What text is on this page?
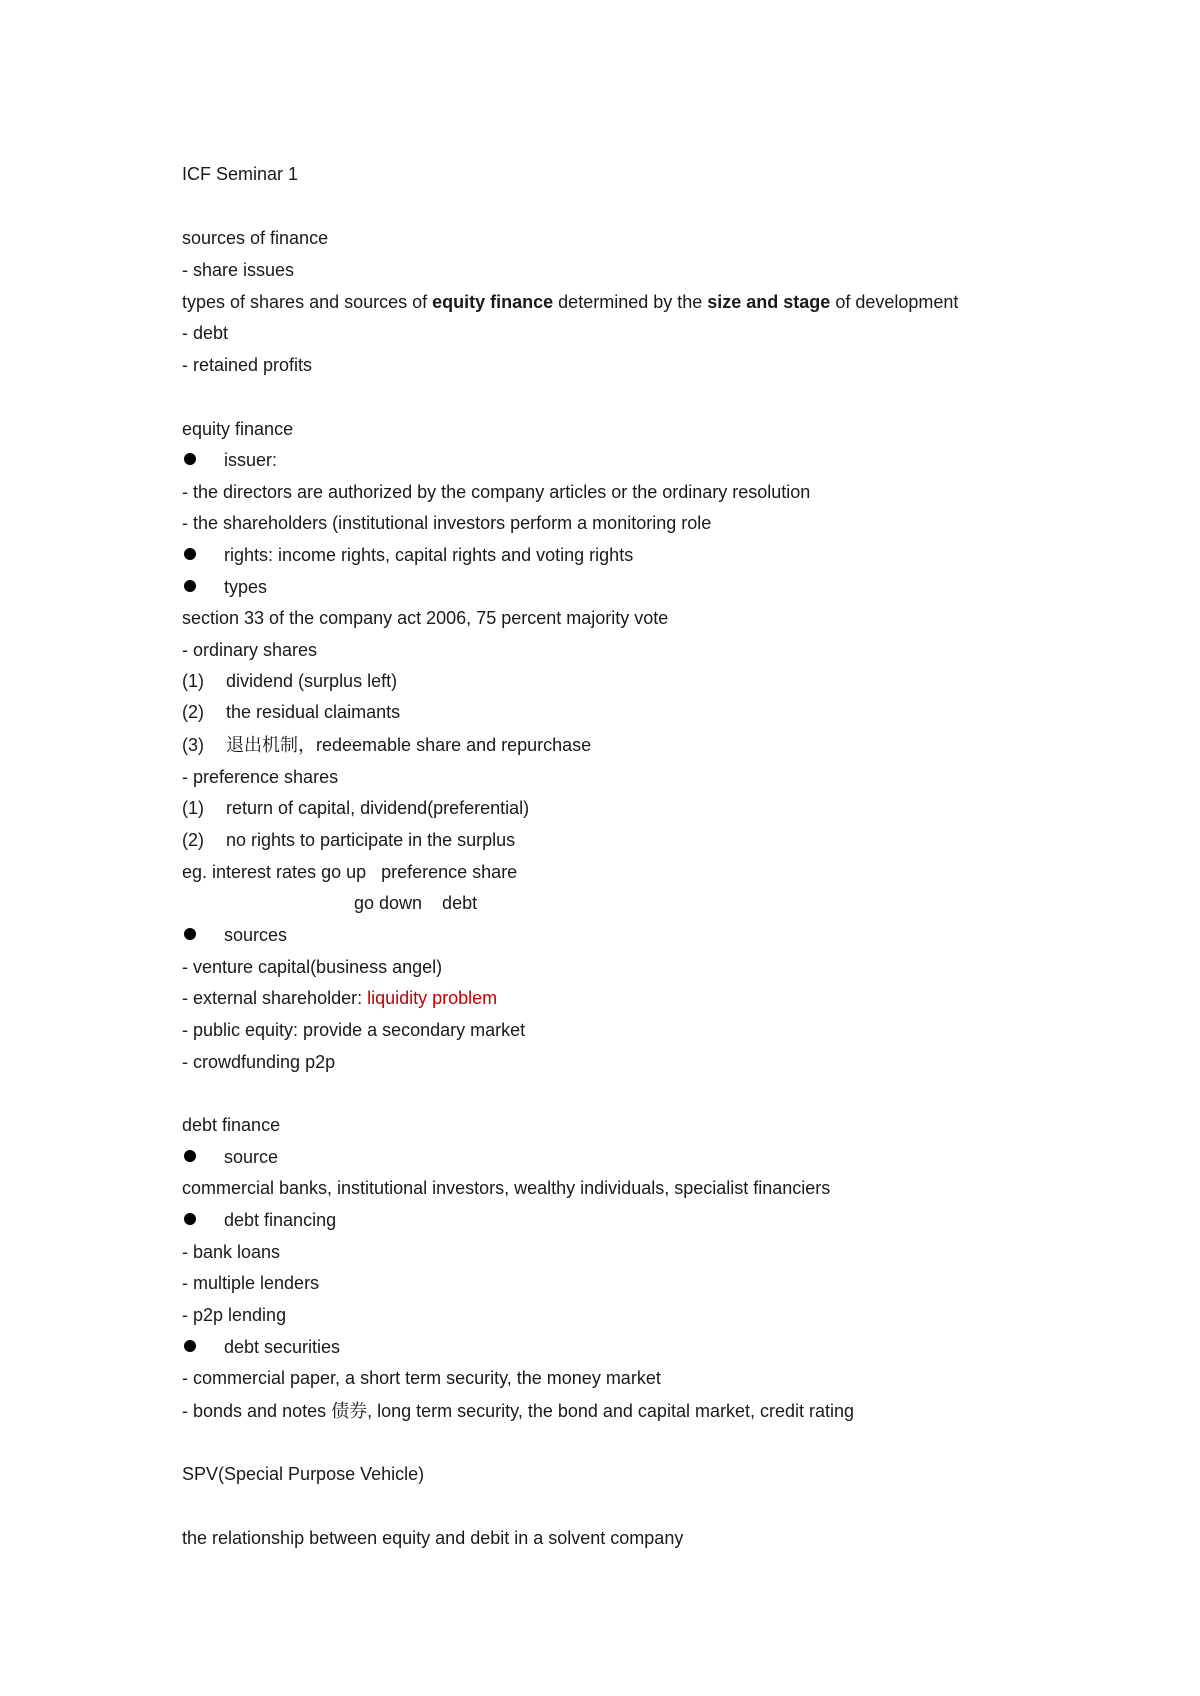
ICF Seminar 1
sources of finance
- share issues
types of shares and sources of equity finance determined by the size and stage of development
- debt
- retained profits
equity finance
issuer:
- the directors are authorized by the company articles or the ordinary resolution
- the shareholders (institutional investors perform a monitoring role
rights: income rights, capital rights and voting rights
types
section 33 of the company act 2006, 75 percent majority vote
- ordinary shares
(1) dividend (surplus left)
(2) the residual claimants
(3) 退出机制，redeemable share and repurchase
- preference shares
(1) return of capital, dividend(preferential)
(2) no rights to participate in the surplus
eg. interest rates go up   preference share
go down    debt
sources
- venture capital(business angel)
- external shareholder: liquidity problem
- public equity: provide a secondary market
- crowdfunding p2p
debt finance
source
commercial banks, institutional investors, wealthy individuals, specialist financiers
debt financing
- bank loans
- multiple lenders
- p2p lending
debt securities
- commercial paper, a short term security, the money market
- bonds and notes 债券, long term security, the bond and capital market, credit rating
SPV(Special Purpose Vehicle)
the relationship between equity and debit in a solvent company
